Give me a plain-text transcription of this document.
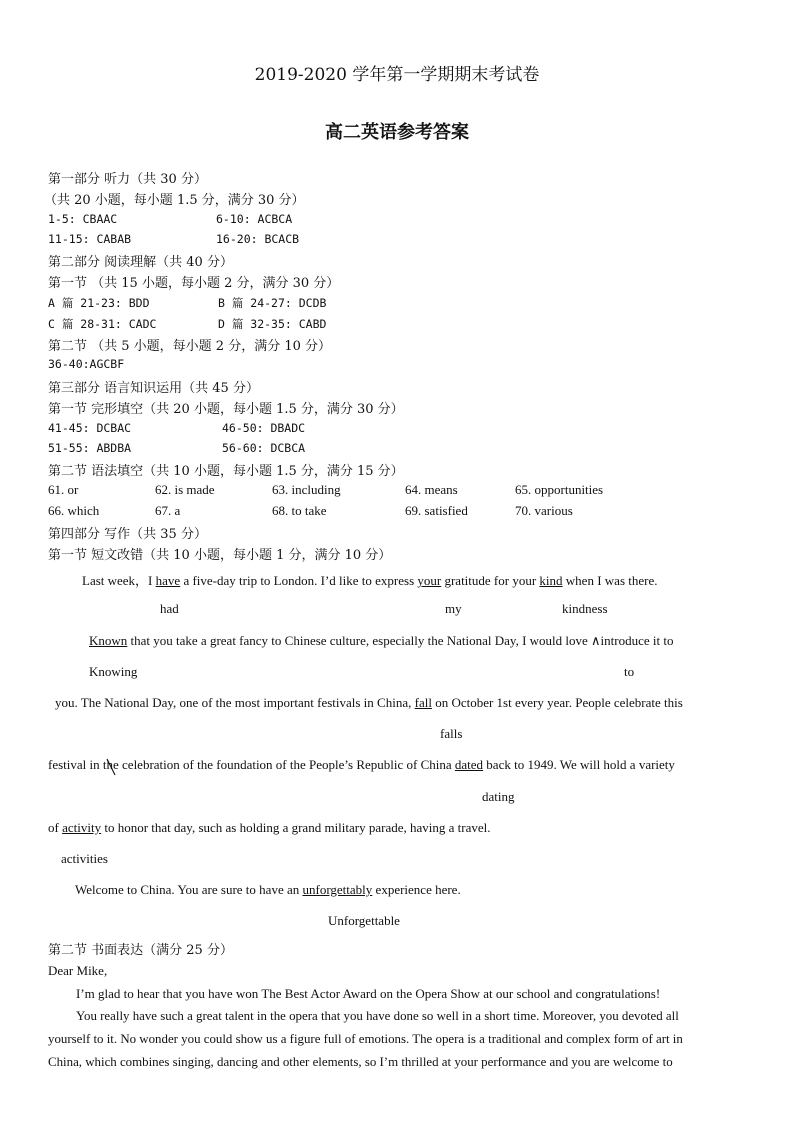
2019-2020 学年第一学期期末考试卷
高二英语参考答案
第一部分 听力（共 30 分）
（共 20 小题，每小题 1.5 分，满分 30 分）
1-5: CBAAC	6-10: ACBCA
11-15: CABAB	16-20: BCACB
第二部分 阅读理解（共 40 分）
第一节 （共 15 小题，每小题 2 分，满分 30 分）
A 篇 21-23: BDD	B 篇 24-27: DCDB
C 篇 28-31: CADC	D 篇 32-35: CABD
第二节 （共 5 小题，每小题 2 分，满分 10 分）
36-40:AGCBF
第三部分 语言知识运用（共 45 分）
第一节 完形填空（共 20 小题，每小题 1.5 分，满分 30 分）
41-45: DCBAC	46-50: DBADC
51-55: ABDBA	56-60: DCBCA
第二节 语法填空（共 10 小题，每小题 1.5 分，满分 15 分）
61. or	62. is made	63. including	64. means	65. opportunities
66. which	67. a	68. to take	69. satisfied	70. various
第四部分 写作（共 35 分）
第一节 短文改错（共 10 小题，每小题 1 分，满分 10 分）
Last week，I have a five-day trip to London. I’d like to express your gratitude for your kind when I was there.
had	my	kindness
Known that you take a great fancy to Chinese culture, especially the National Day, I would love ∧introduce it to
Knowing	to
you. The National Day, one of the most important festivals in China, fall on October 1st every year. People celebrate this
falls
festival in the celebration of the foundation of the People’s Republic of China dated back to 1949. We will hold a variety
dating
of activity to honor that day, such as holding a grand military parade, having a travel.
activities
Welcome to China. You are sure to have an unforgettably experience here.
Unforgettable
第二节 书面表达（满分 25 分）
Dear Mike,
I’m glad to hear that you have won The Best Actor Award on the Opera Show at our school and congratulations!
You really have such a great talent in the opera that you have done so well in a short time. Moreover, you devoted all
yourself to it. No wonder you could show us a figure full of emotions. The opera is a traditional and complex form of art in
China, which combines singing, dancing and other elements, so I’m thrilled at your performance and you are welcome to
